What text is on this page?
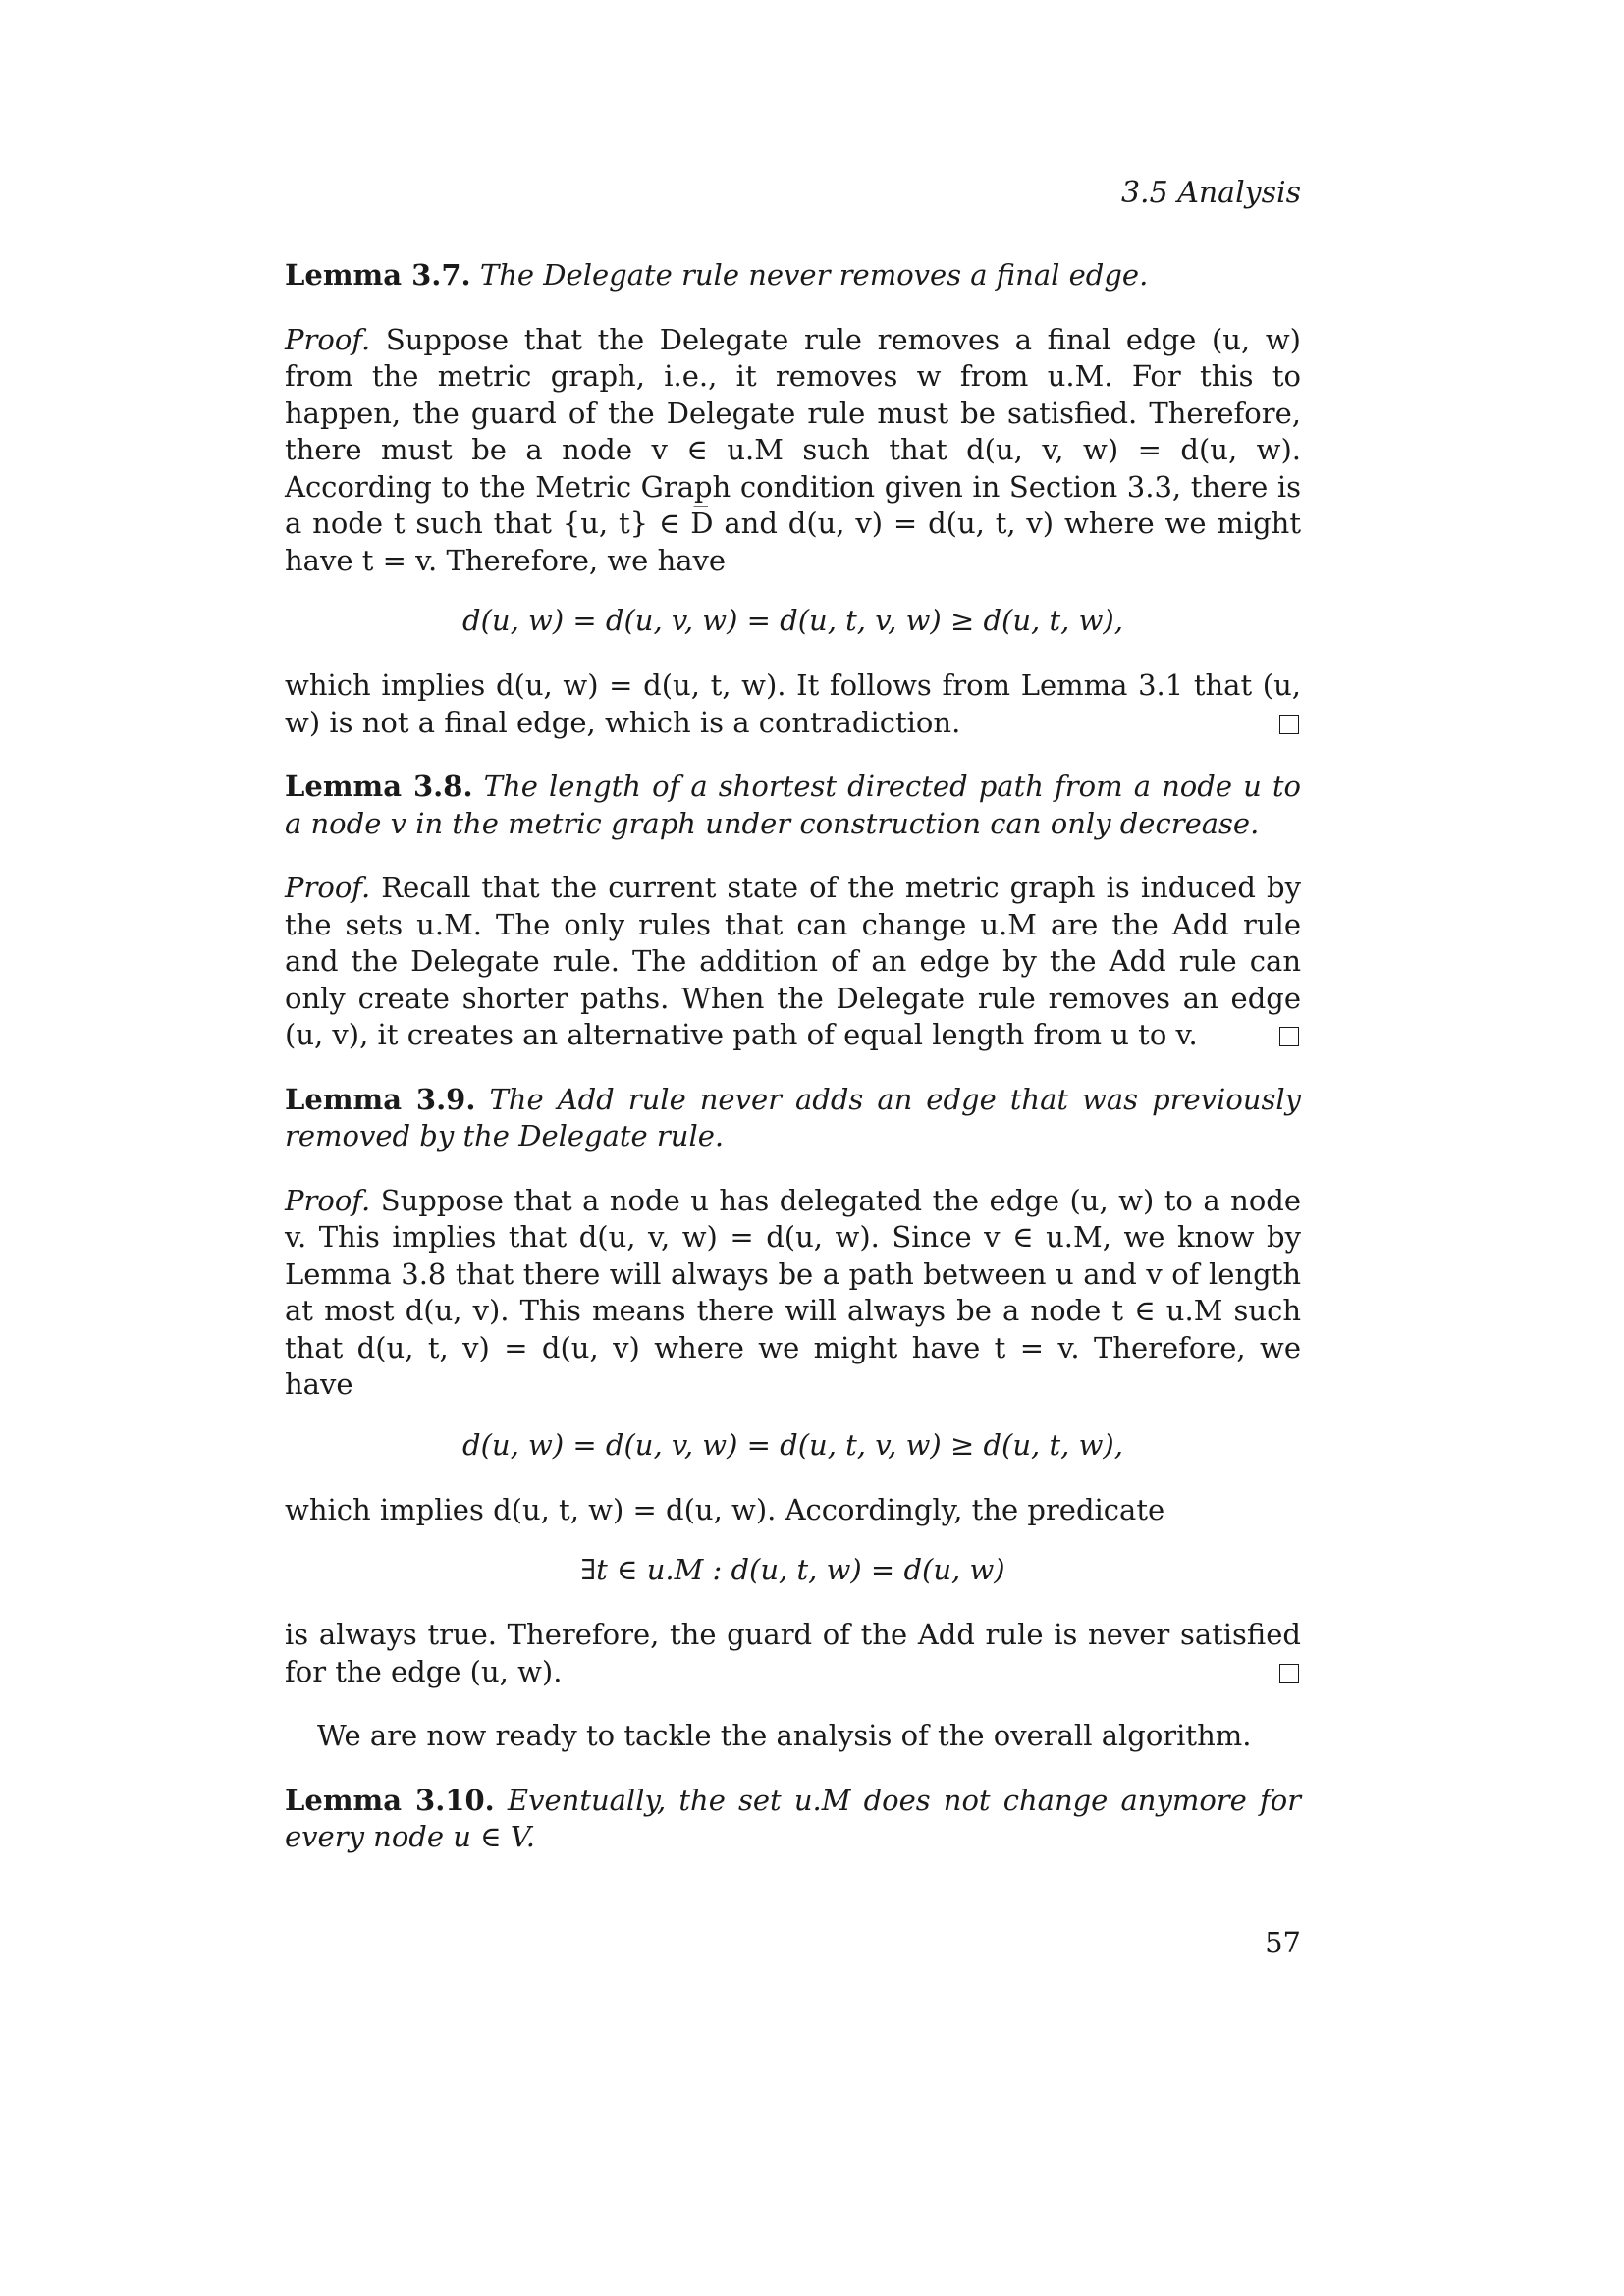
3.5 Analysis

Lemma 3.7. The Delegate rule never removes a final edge.

Proof. Suppose that the Delegate rule removes a final edge (u, w) from the metric graph, i.e., it removes w from u.M. For this to happen, the guard of the Delegate rule must be satisfied. Therefore, there must be a node v ∈ u.M such that d(u, v, w) = d(u, w). According to the Metric Graph condition given in Section 3.3, there is a node t such that {u, t} ∈ D̅ and d(u, v) = d(u, t, v) where we might have t = v. Therefore, we have

d(u, w) = d(u, v, w) = d(u, t, v, w) ≥ d(u, t, w),

which implies d(u, w) = d(u, t, w). It follows from Lemma 3.1 that (u, w) is not a final edge, which is a contradiction.

Lemma 3.8. The length of a shortest directed path from a node u to a node v in the metric graph under construction can only decrease.

Proof. Recall that the current state of the metric graph is induced by the sets u.M. The only rules that can change u.M are the Add rule and the Delegate rule. The addition of an edge by the Add rule can only create shorter paths. When the Delegate rule removes an edge (u, v), it creates an alternative path of equal length from u to v.

Lemma 3.9. The Add rule never adds an edge that was previously removed by the Delegate rule.

Proof. Suppose that a node u has delegated the edge (u, w) to a node v. This implies that d(u, v, w) = d(u, w). Since v ∈ u.M, we know by Lemma 3.8 that there will always be a path between u and v of length at most d(u, v). This means there will always be a node t ∈ u.M such that d(u, t, v) = d(u, v) where we might have t = v. Therefore, we have

d(u, w) = d(u, v, w) = d(u, t, v, w) ≥ d(u, t, w),

which implies d(u, t, w) = d(u, w). Accordingly, the predicate

∃t ∈ u.M : d(u, t, w) = d(u, w)

is always true. Therefore, the guard of the Add rule is never satisfied for the edge (u, w).

We are now ready to tackle the analysis of the overall algorithm.

Lemma 3.10. Eventually, the set u.M does not change anymore for every node u ∈ V.

57
